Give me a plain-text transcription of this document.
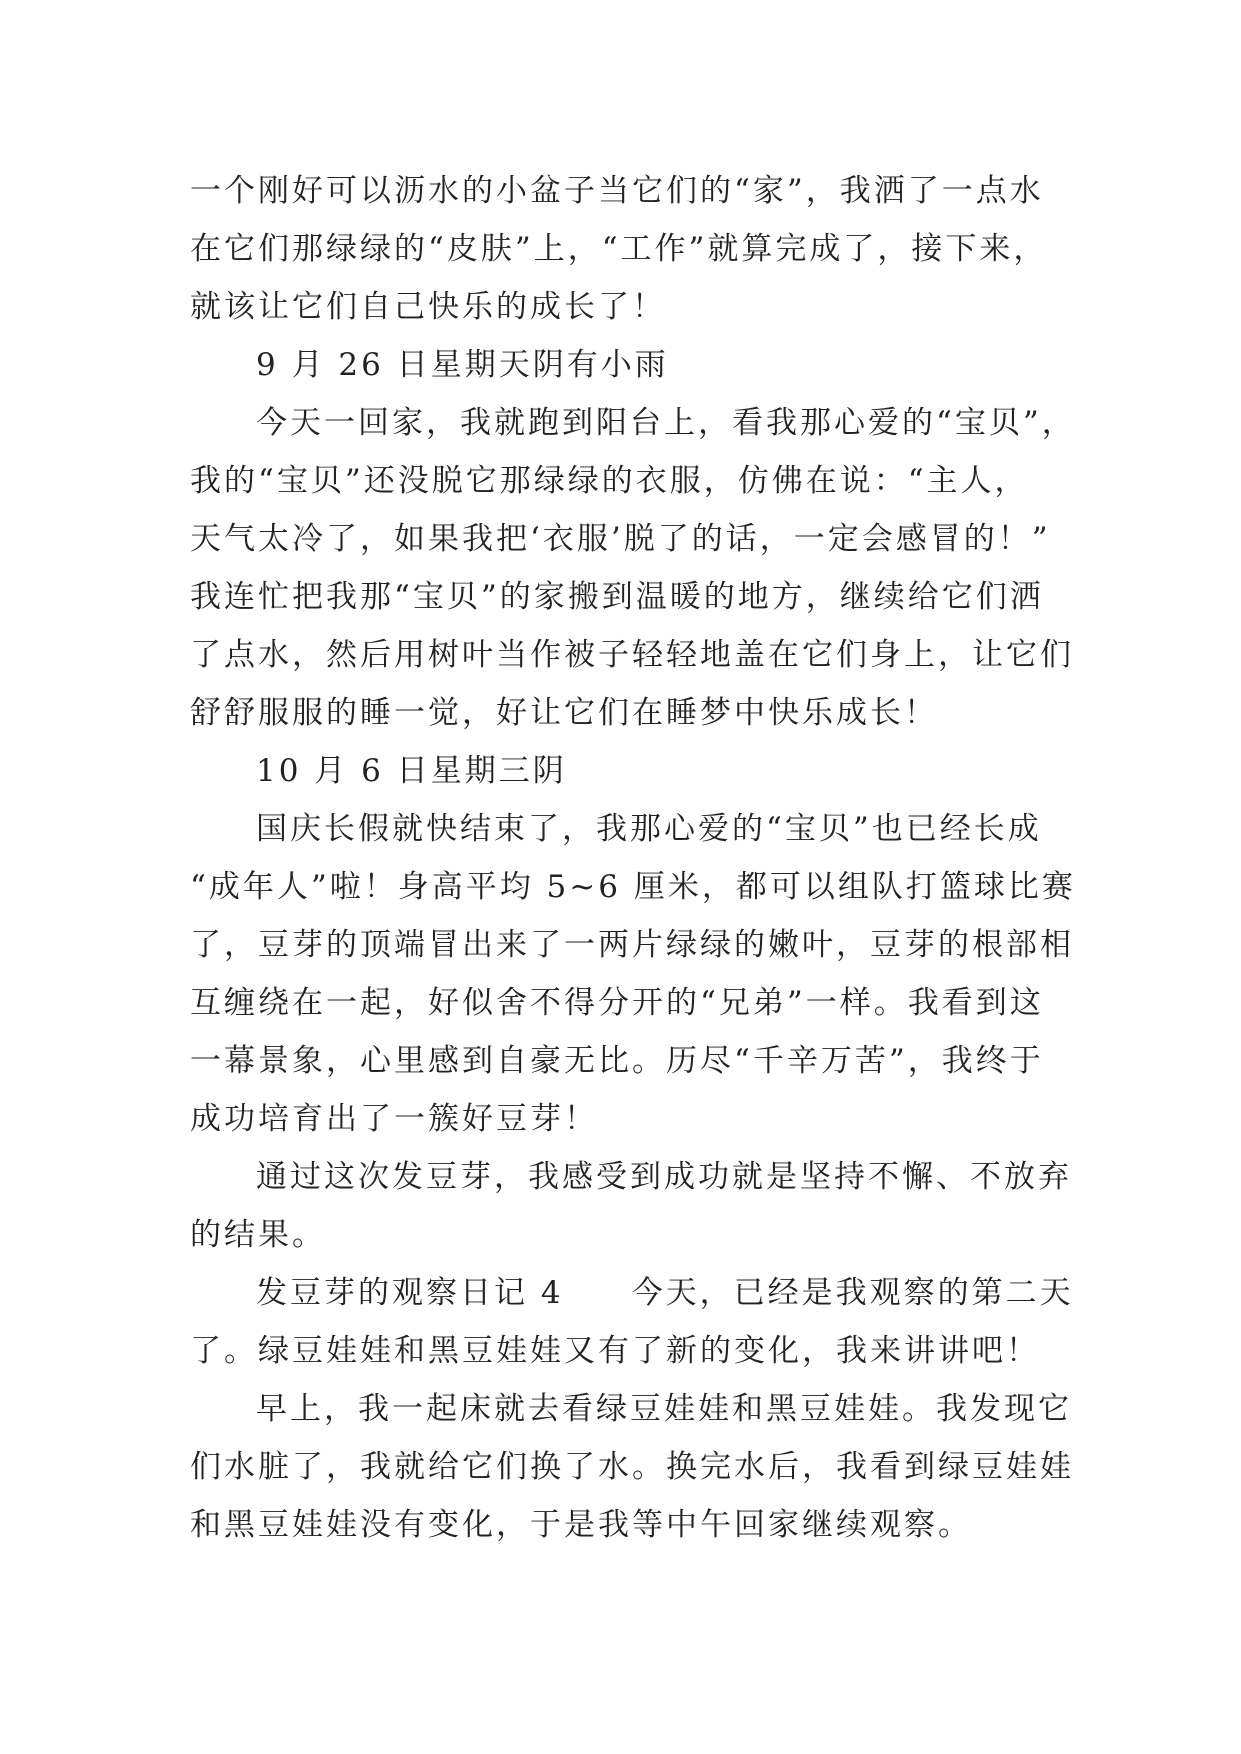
一个刚好可以沥水的小盆子当它们的“家”，我洒了一点水
在它们那绿绿的“皮肤”上，“工作”就算完成了，接下来，
就该让它们自己快乐的成长了！
9 月 26 日星期天阴有小雨
今天一回家，我就跑到阳台上，看我那心爱的“宝贝”，
我的“宝贝”还没脱它那绿绿的衣服，仿佛在说：“主人，
天气太冷了，如果我把‘衣服’脱了的话，一定会感冒的！”
我连忙把我那“宝贝”的家搬到温暖的地方，继续给它们洒
了点水，然后用树叶当作被子轻轻地盖在它们身上，让它们
舒舒服服的睡一觉，好让它们在睡梦中快乐成长！
10 月 6 日星期三阴
国庆长假就快结束了，我那心爱的“宝贝”也已经长成
“成年人”啦！身高平均 5~6 厘米，都可以组队打篮球比赛
了，豆芽的顶端冒出来了一两片绿绿的嫩叶，豆芽的根部相
互缠绕在一起，好似舍不得分开的“兄弟”一样。我看到这
一幕景象，心里感到自豪无比。历尽“千辛万苦”，我终于
成功培育出了一簇好豆芽！
通过这次发豆芽，我感受到成功就是坚持不懈、不放弃
的结果。
发豆芽的观察日记 4　　今天，已经是我观察的第二天
了。绿豆娃娃和黑豆娃娃又有了新的变化，我来讲讲吧！
早上，我一起床就去看绿豆娃娃和黑豆娃娃。我发现它
们水脏了，我就给它们换了水。换完水后，我看到绿豆娃娃
和黑豆娃娃没有变化，于是我等中午回家继续观察。
